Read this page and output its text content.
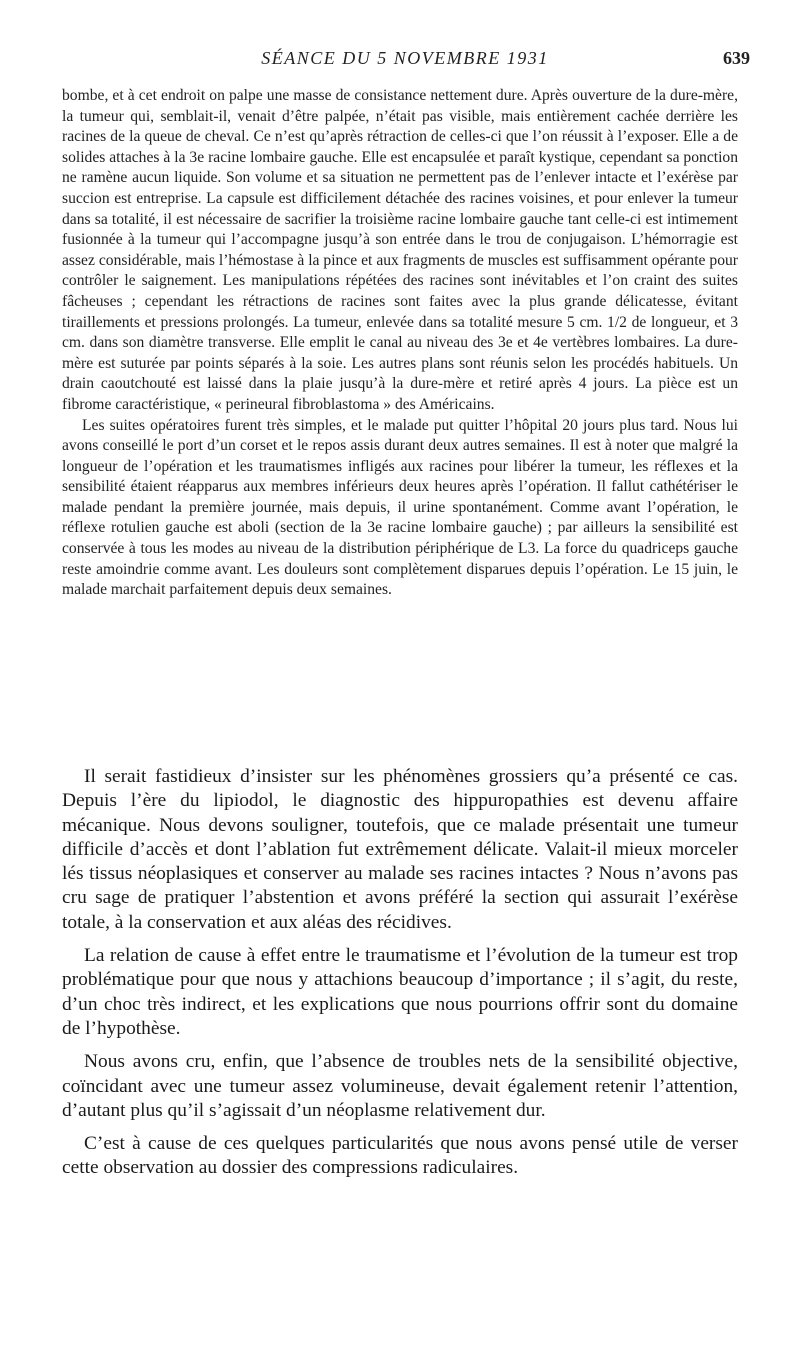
SÉANCE DU 5 NOVEMBRE 1931	639

bombe, et à cet endroit on palpe une masse de consistance nettement dure. Après ouverture de la dure-mère, la tumeur qui, semblait-il, venait d’être palpée, n’était pas visible, mais entièrement cachée derrière les racines de la queue de cheval. Ce n’est qu’après rétraction de celles-ci que l’on réussit à l’exposer. Elle a de solides attaches à la 3e racine lombaire gauche. Elle est encapsulée et paraît kystique, cependant sa ponction ne ramène aucun liquide. Son volume et sa situation ne permettent pas de l’enlever intacte et l’exérèse par succion est entreprise. La capsule est difficilement détachée des racines voisines, et pour enlever la tumeur dans sa totalité, il est nécessaire de sacrifier la troisième racine lombaire gauche tant celle-ci est intimement fusionnée à la tumeur qui l’accompagne jusqu’à son entrée dans le trou de conjugaison. L’hémorragie est assez considérable, mais l’hémostase à la pince et aux fragments de muscles est suffisamment opérante pour contrôler le saignement. Les manipulations répétées des racines sont inévitables et l’on craint des suites fâcheuses ; cependant les rétractions de racines sont faites avec la plus grande délicatesse, évitant tiraillements et pressions prolongés. La tumeur, enlevée dans sa totalité mesure 5 cm. 1/2 de longueur, et 3 cm. dans son diamètre transverse. Elle emplit le canal au niveau des 3e et 4e vertèbres lombaires. La dure-mère est suturée par points séparés à la soie. Les autres plans sont réunis selon les procédés habituels. Un drain caoutchouté est laissé dans la plaie jusqu’à la dure-mère et retiré après 4 jours. La pièce est un fibrome caractéristique, « perineural fibroblastoma » des Américains.

Les suites opératoires furent très simples, et le malade put quitter l’hôpital 20 jours plus tard. Nous lui avons conseillé le port d’un corset et le repos assis durant deux autres semaines. Il est à noter que malgré la longueur de l’opération et les traumatismes infligés aux racines pour libérer la tumeur, les réflexes et la sensibilité étaient réapparus aux membres inférieurs deux heures après l’opération. Il fallut cathétériser le malade pendant la première journée, mais depuis, il urine spontanément. Comme avant l’opération, le réflexe rotulien gauche est aboli (section de la 3e racine lombaire gauche) ; par ailleurs la sensibilité est conservée à tous les modes au niveau de la distribution périphérique de L3. La force du quadriceps gauche reste amoindrie comme avant. Les douleurs sont complètement disparues depuis l’opération. Le 15 juin, le malade marchait parfaitement depuis deux semaines.

Il serait fastidieux d’insister sur les phénomènes grossiers qu’a présenté ce cas. Depuis l’ère du lipiodol, le diagnostic des hippuropathies est devenu affaire mécanique. Nous devons souligner, toutefois, que ce malade présentait une tumeur difficile d’accès et dont l’ablation fut extrêmement délicate. Valait-il mieux morceler lés tissus néoplasiques et conserver au malade ses racines intactes ? Nous n’avons pas cru sage de pratiquer l’abstention et avons préféré la section qui assurait l’exérèse totale, à la conservation et aux aléas des récidives.

La relation de cause à effet entre le traumatisme et l’évolution de la tumeur est trop problématique pour que nous y attachions beaucoup d’importance ; il s’agit, du reste, d’un choc très indirect, et les explications que nous pourrions offrir sont du domaine de l’hypothèse.

Nous avons cru, enfin, que l’absence de troubles nets de la sensibilité objective, coïncidant avec une tumeur assez volumineuse, devait également retenir l’attention, d’autant plus qu’il s’agissait d’un néoplasme relativement dur.

C’est à cause de ces quelques particularités que nous avons pensé utile de verser cette observation au dossier des compressions radiculaires.
